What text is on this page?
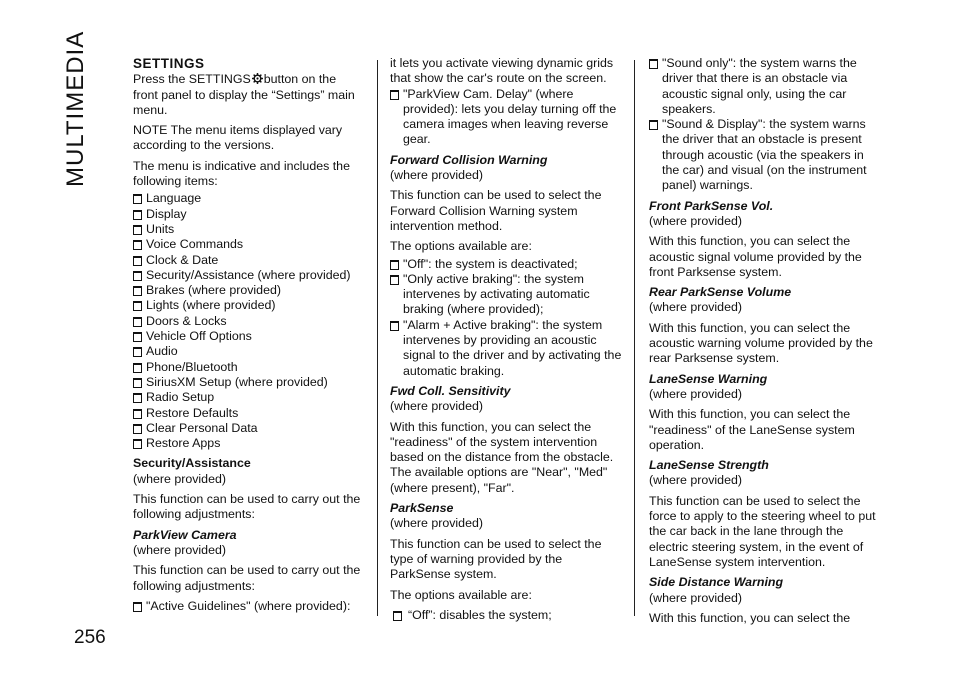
MULTIMEDIA
256
SETTINGS
Press the SETTINGS button on the front panel to display the “Settings” main menu.
NOTE The menu items displayed vary according to the versions.
The menu is indicative and includes the following items:
Language
Display
Units
Voice Commands
Clock & Date
Security/Assistance (where provided)
Brakes (where provided)
Lights (where provided)
Doors & Locks
Vehicle Off Options
Audio
Phone/Bluetooth
SiriusXM Setup (where provided)
Radio Setup
Restore Defaults
Clear Personal Data
Restore Apps
Security/Assistance
(where provided)
This function can be used to carry out the following adjustments:
ParkView Camera
(where provided)
This function can be used to carry out the following adjustments:
"Active Guidelines" (where provided):
it lets you activate viewing dynamic grids that show the car's route on the screen.
"ParkView Cam. Delay" (where provided): lets you delay turning off the camera images when leaving reverse gear.
Forward Collision Warning
(where provided)
This function can be used to select the Forward Collision Warning system intervention method.
The options available are:
"Off": the system is deactivated;
"Only active braking": the system intervenes by activating automatic braking (where provided);
"Alarm + Active braking": the system intervenes by providing an acoustic signal to the driver and by activating the automatic braking.
Fwd Coll. Sensitivity
(where provided)
With this function, you can select the "readiness" of the system intervention based on the distance from the obstacle. The available options are "Near", "Med" (where present), "Far".
ParkSense
(where provided)
This function can be used to select the type of warning provided by the ParkSense system.
The options available are:
“Off”: disables the system;
"Sound only": the system warns the driver that there is an obstacle via acoustic signal only, using the car speakers.
"Sound & Display": the system warns the driver that an obstacle is present through acoustic (via the speakers in the car) and visual (on the instrument panel) warnings.
Front ParkSense Vol.
(where provided)
With this function, you can select the acoustic signal volume provided by the front Parksense system.
Rear ParkSense Volume
(where provided)
With this function, you can select the acoustic warning volume provided by the rear Parksense system.
LaneSense Warning
(where provided)
With this function, you can select the "readiness" of the LaneSense system operation.
LaneSense Strength
(where provided)
This function can be used to select the force to apply to the steering wheel to put the car back in the lane through the electric steering system, in the event of LaneSense system intervention.
Side Distance Warning
(where provided)
With this function, you can select the
